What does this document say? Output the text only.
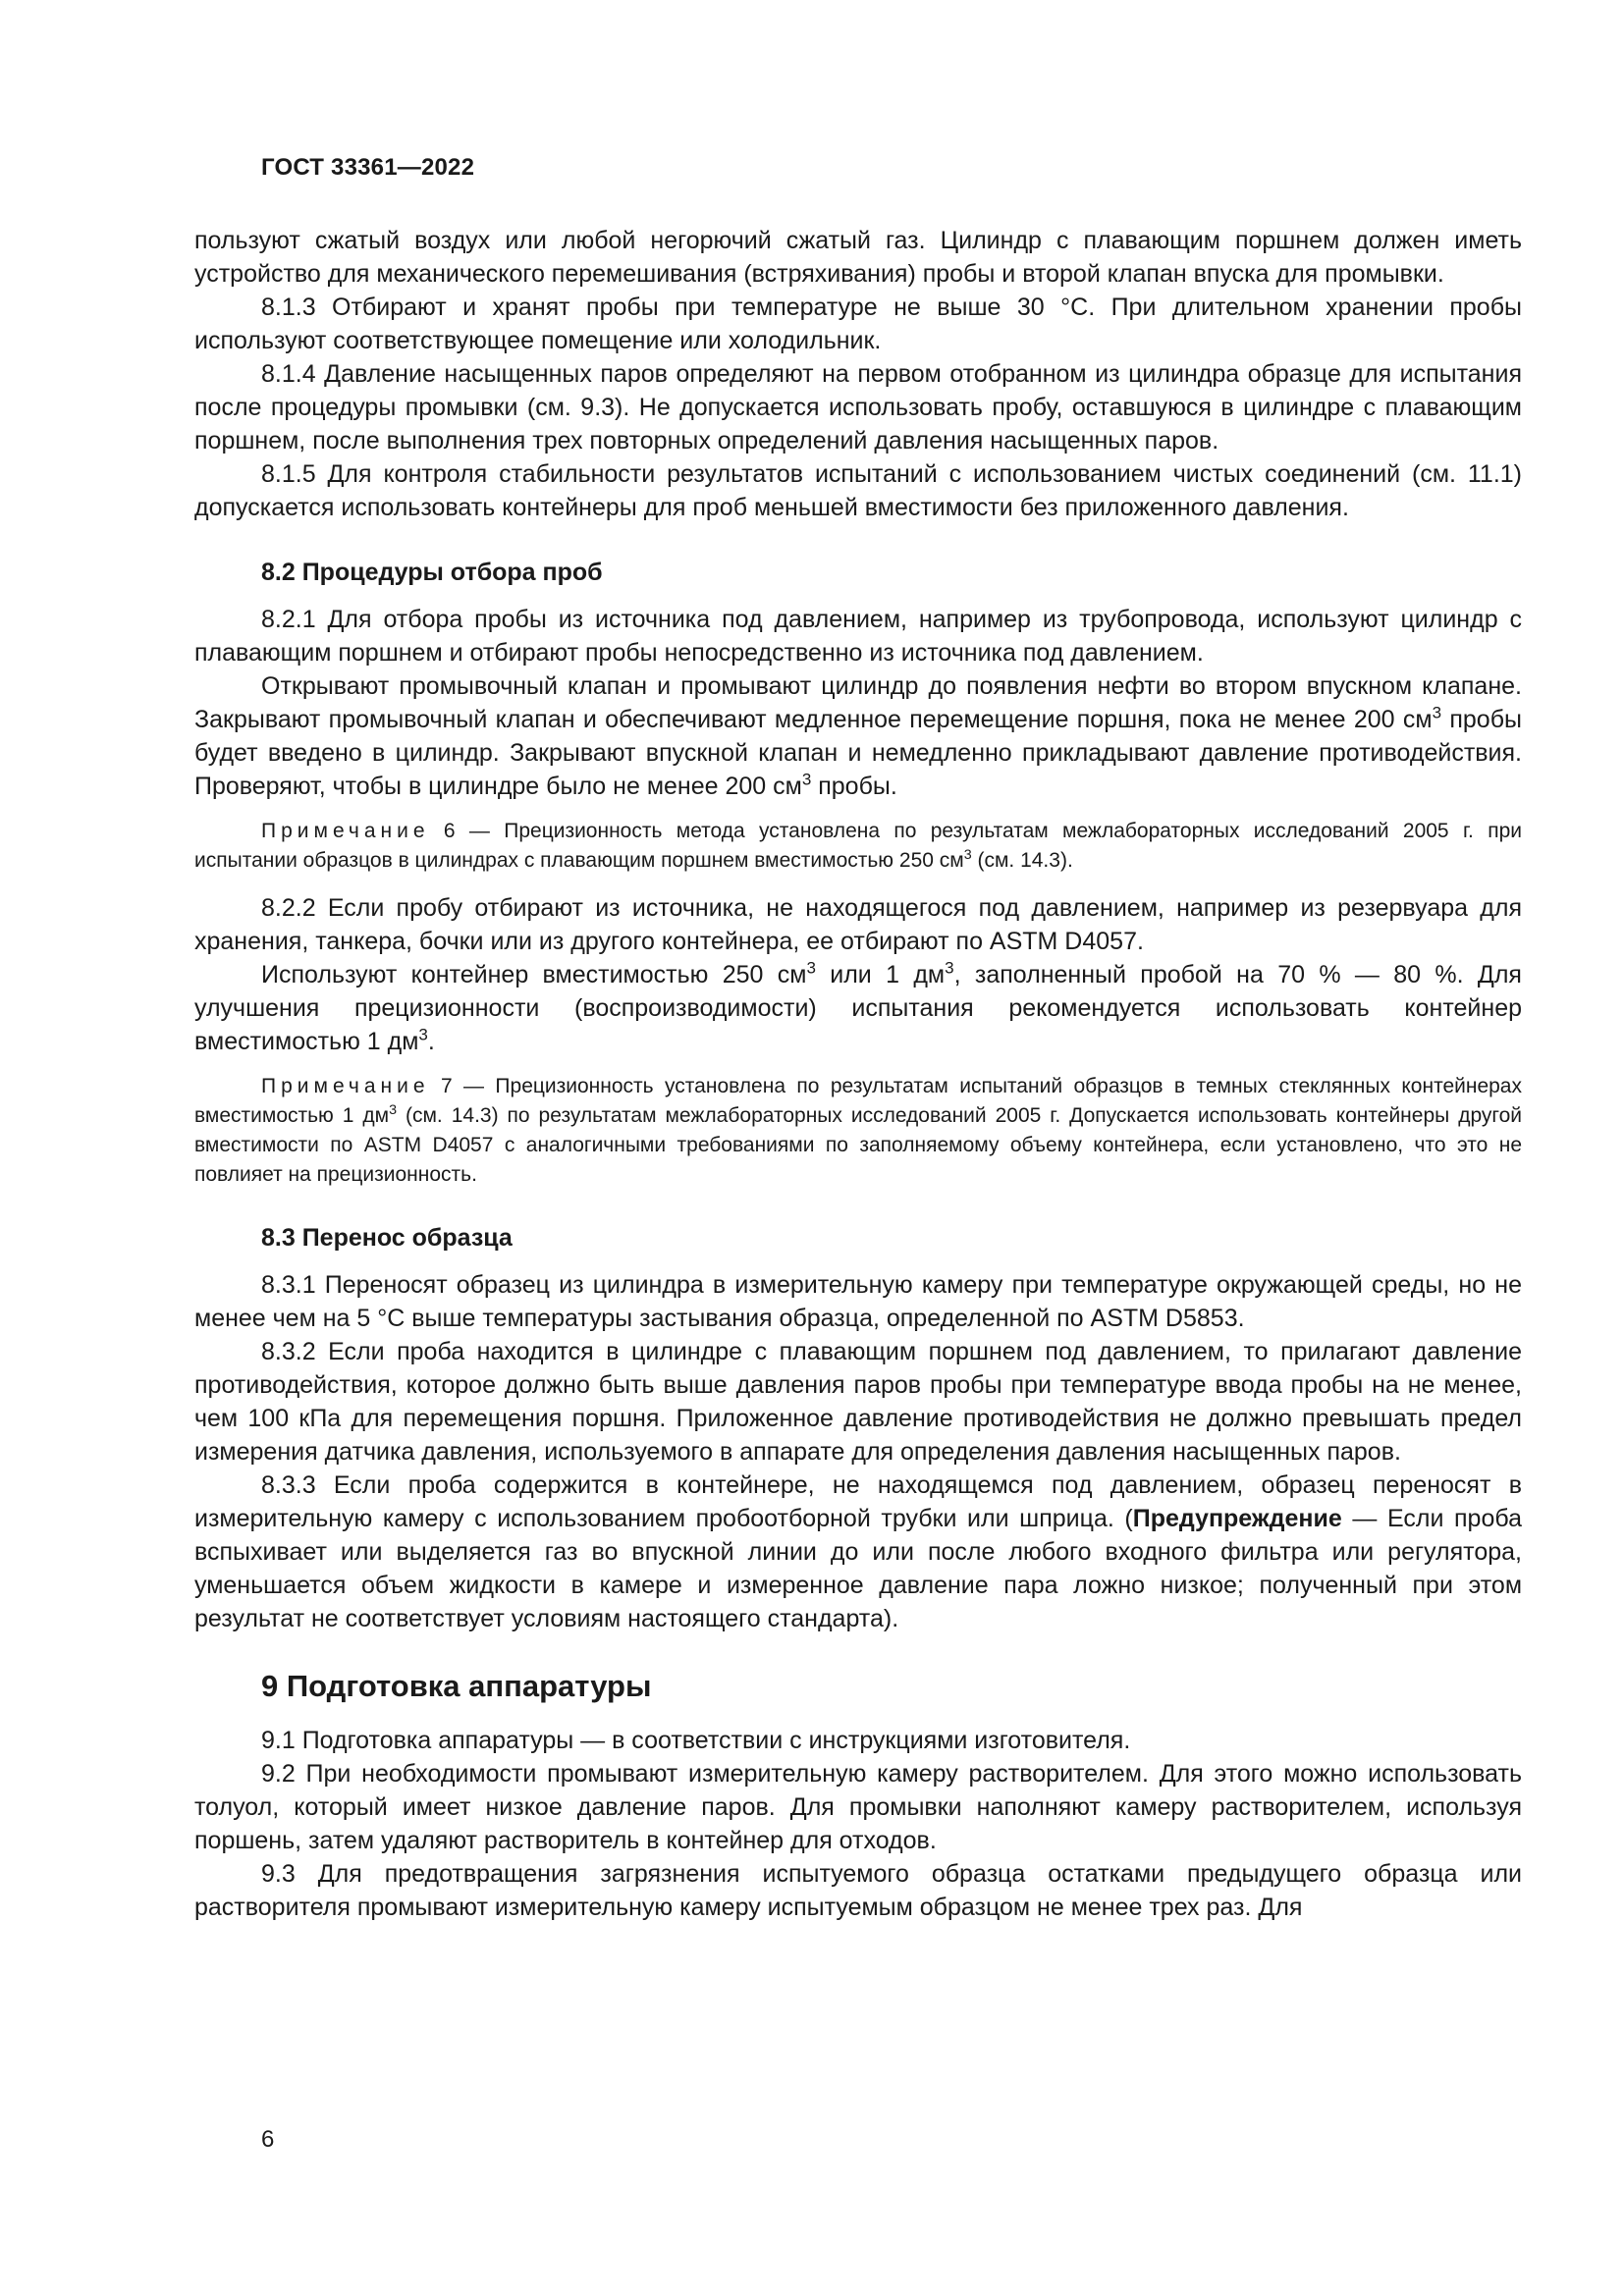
ГОСТ 33361—2022

пользуют сжатый воздух или любой негорючий сжатый газ. Цилиндр с плавающим поршнем должен иметь устройство для механического перемешивания (встряхивания) пробы и второй клапан впуска для промывки.

8.1.3 Отбирают и хранят пробы при температуре не выше 30 °С. При длительном хранении пробы используют соответствующее помещение или холодильник.

8.1.4 Давление насыщенных паров определяют на первом отобранном из цилиндра образце для испытания после процедуры промывки (см. 9.3). Не допускается использовать пробу, оставшуюся в цилиндре с плавающим поршнем, после выполнения трех повторных определений давления насыщенных паров.

8.1.5 Для контроля стабильности результатов испытаний с использованием чистых соединений (см. 11.1) допускается использовать контейнеры для проб меньшей вместимости без приложенного давления.

8.2 Процедуры отбора проб

8.2.1 Для отбора пробы из источника под давлением, например из трубопровода, используют цилиндр с плавающим поршнем и отбирают пробы непосредственно из источника под давлением.

Открывают промывочный клапан и промывают цилиндр до появления нефти во втором впускном клапане. Закрывают промывочный клапан и обеспечивают медленное перемещение поршня, пока не менее 200 $см^3$ пробы будет введено в цилиндр. Закрывают впускной клапан и немедленно прикладывают давление противодействия. Проверяют, чтобы в цилиндре было не менее 200 $см^3$ пробы.

Примечание 6 — Прецизионность метода установлена по результатам межлабораторных исследований 2005 г. при испытании образцов в цилиндрах с плавающим поршнем вместимостью 250 $см^3$ (см. 14.3).

8.2.2 Если пробу отбирают из источника, не находящегося под давлением, например из резервуара для хранения, танкера, бочки или из другого контейнера, ее отбирают по ASTM D4057.

Используют контейнер вместимостью 250 $см^3$ или 1 $дм^3$, заполненный пробой на 70 % — 80 %. Для улучшения прецизионности (воспроизводимости) испытания рекомендуется использовать контейнер вместимостью 1 $дм^3$.

Примечание 7 — Прецизионность установлена по результатам испытаний образцов в темных стеклянных контейнерах вместимостью 1 $дм^3$ (см. 14.3) по результатам межлабораторных исследований 2005 г. Допускается использовать контейнеры другой вместимости по ASTM D4057 с аналогичными требованиями по заполняемому объему контейнера, если установлено, что это не повлияет на прецизионность.
8.3 Перенос образца

8.3.1 Переносят образец из цилиндра в измерительную камеру при температуре окружающей среды, но не менее чем на 5 °С выше температуры застывания образца, определенной по ASTM D5853.

8.3.2 Если проба находится в цилиндре с плавающим поршнем под давлением, то прилагают давление противодействия, которое должно быть выше давления паров пробы при температуре ввода пробы на не менее, чем 100 кПа для перемещения поршня. Приложенное давление противодействия не должно превышать предел измерения датчика давления, используемого в аппарате для определения давления насыщенных паров.

8.3.3 Если проба содержится в контейнере, не находящемся под давлением, образец переносят в измерительную камеру с использованием пробоотборной трубки или шприца. (Предупреждение — Если проба вспыхивает или выделяется газ во впускной линии до или после любого входного фильтра или регулятора, уменьшается объем жидкости в камере и измеренное давление пара ложно низкое; полученный при этом результат не соответствует условиям настоящего стандарта).

9 Подготовка аппаратуры

9.1 Подготовка аппаратуры — в соответствии с инструкциями изготовителя.

9.2 При необходимости промывают измерительную камеру растворителем. Для этого можно использовать толуол, который имеет низкое давление паров. Для промывки наполняют камеру растворителем, используя поршень, затем удаляют растворитель в контейнер для отходов.

9.3 Для предотвращения загрязнения испытуемого образца остатками предыдущего образца или растворителя промывают измерительную камеру испытуемым образцом не менее трех раз. Для

6
